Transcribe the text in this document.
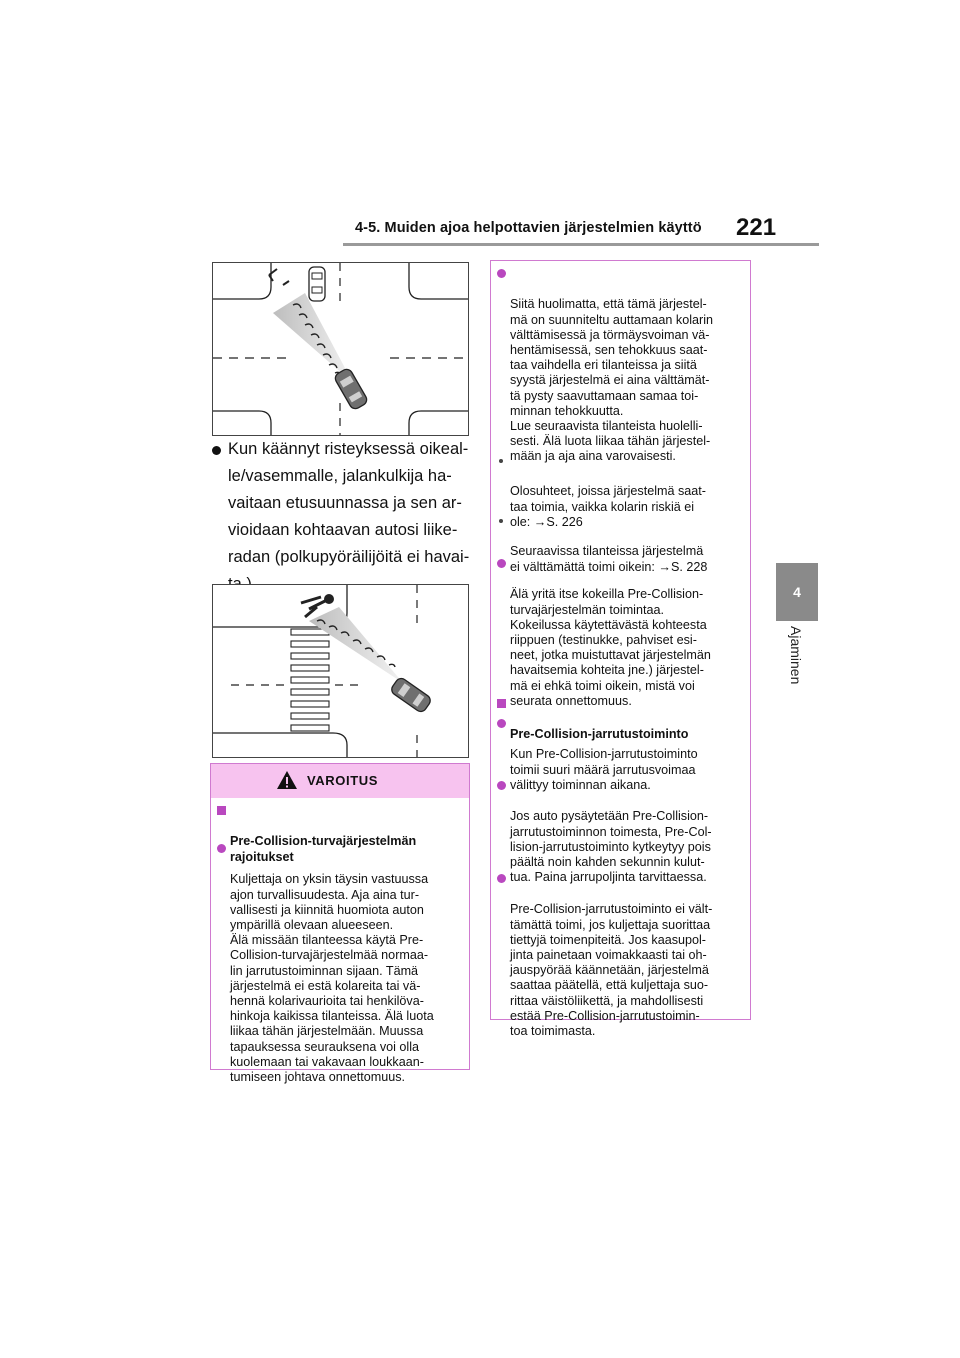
4-5. Muiden ajoa helpottavien järjestelmien käyttö 221
4
Ajaminen
Kun käännyt risteyksessä oikeal-
le/vasemmalle, jalankulkija ha-
vaitaan etusuunnassa ja sen ar-
vioidaan kohtaavan autosi liike-
radan (polkupyöräilijöitä ei havai-

VAROITUS

Pre-Collision-turvajärjestelmän
rajoitukset

Kuljettaja on yksin täysin vastuussa
ajon turvallisuudesta. Aja aina tur-
vallisesti ja kiinnitä huomiota auton
ympärillä olevaan alueeseen.
Älä missään tilanteessa käytä Pre-
Collision-turvajärjestelmää normaa-
lin jarrutustoiminnan sijaan. Tämä
järjestelmä ei estä kolareita tai vä-
hennä kolarivaurioita tai henkilöva-
hinkoja kaikissa tilanteissa. Älä luota
liikaa tähän järjestelmään. Muussa
tapauksessa seurauksena voi olla
kuolemaan tai vakavaan loukkaan-
tumiseen johtava onnettomuus.

Siitä huolimatta, että tämä järjestel-
mä on suunniteltu auttamaan kolarin
välttämisessä ja törmäysvoiman vä-
hentämisessä, sen tehokkuus saat-
taa vaihdella eri tilanteissa ja siitä
syystä järjestelmä ei aina välttämät-
tä pysty saavuttamaan samaa toi-
minnan tehokkuutta.
Lue seuraavista tilanteista huolelli-
sesti. Älä luota liikaa tähän järjestel-
mään ja aja aina varovaisesti.

Olosuhteet, joissa järjestelmä saat-
taa toimia, vaikka kolarin riskiä ei
ole: →S. 226

Seuraavissa tilanteissa järjestelmä
ei välttämättä toimi oikein: →S. 228

Älä yritä itse kokeilla Pre-Collision-
turvajärjestelmän toimintaa.
Kokeilussa käytettävästä kohteesta
riippuen (testinukke, pahviset esi-
neet, jotka muistuttavat järjestelmän
havaitsemia kohteita jne.) järjestel-
mä ei ehkä toimi oikein, mistä voi
seurata onnettomuus.

Pre-Collision-jarrutustoiminto

Kun Pre-Collision-jarrutustoiminto
toimii suuri määrä jarrutusvoimaa
välittyy toiminnan aikana.

Jos auto pysäytetään Pre-Collision-
jarrutustoiminnon toimesta, Pre-Col-
lision-jarrutustoiminto kytkeytyy pois
päältä noin kahden sekunnin kulut-
tua. Paina jarrupoljinta tarvittaessa.

Pre-Collision-jarrutustoiminto ei vält-
tämättä toimi, jos kuljettaja suorittaa
tiettyjä toimenpiteitä. Jos kaasupol-
jinta painetaan voimakkaasti tai oh-
jauspyörää käännetään, järjestelmä
saattaa päätellä, että kuljettaja suo-
rittaa väistöliikettä, ja mahdollisesti
estää Pre-Collision-jarrutustoimin-
toa toimimasta.
